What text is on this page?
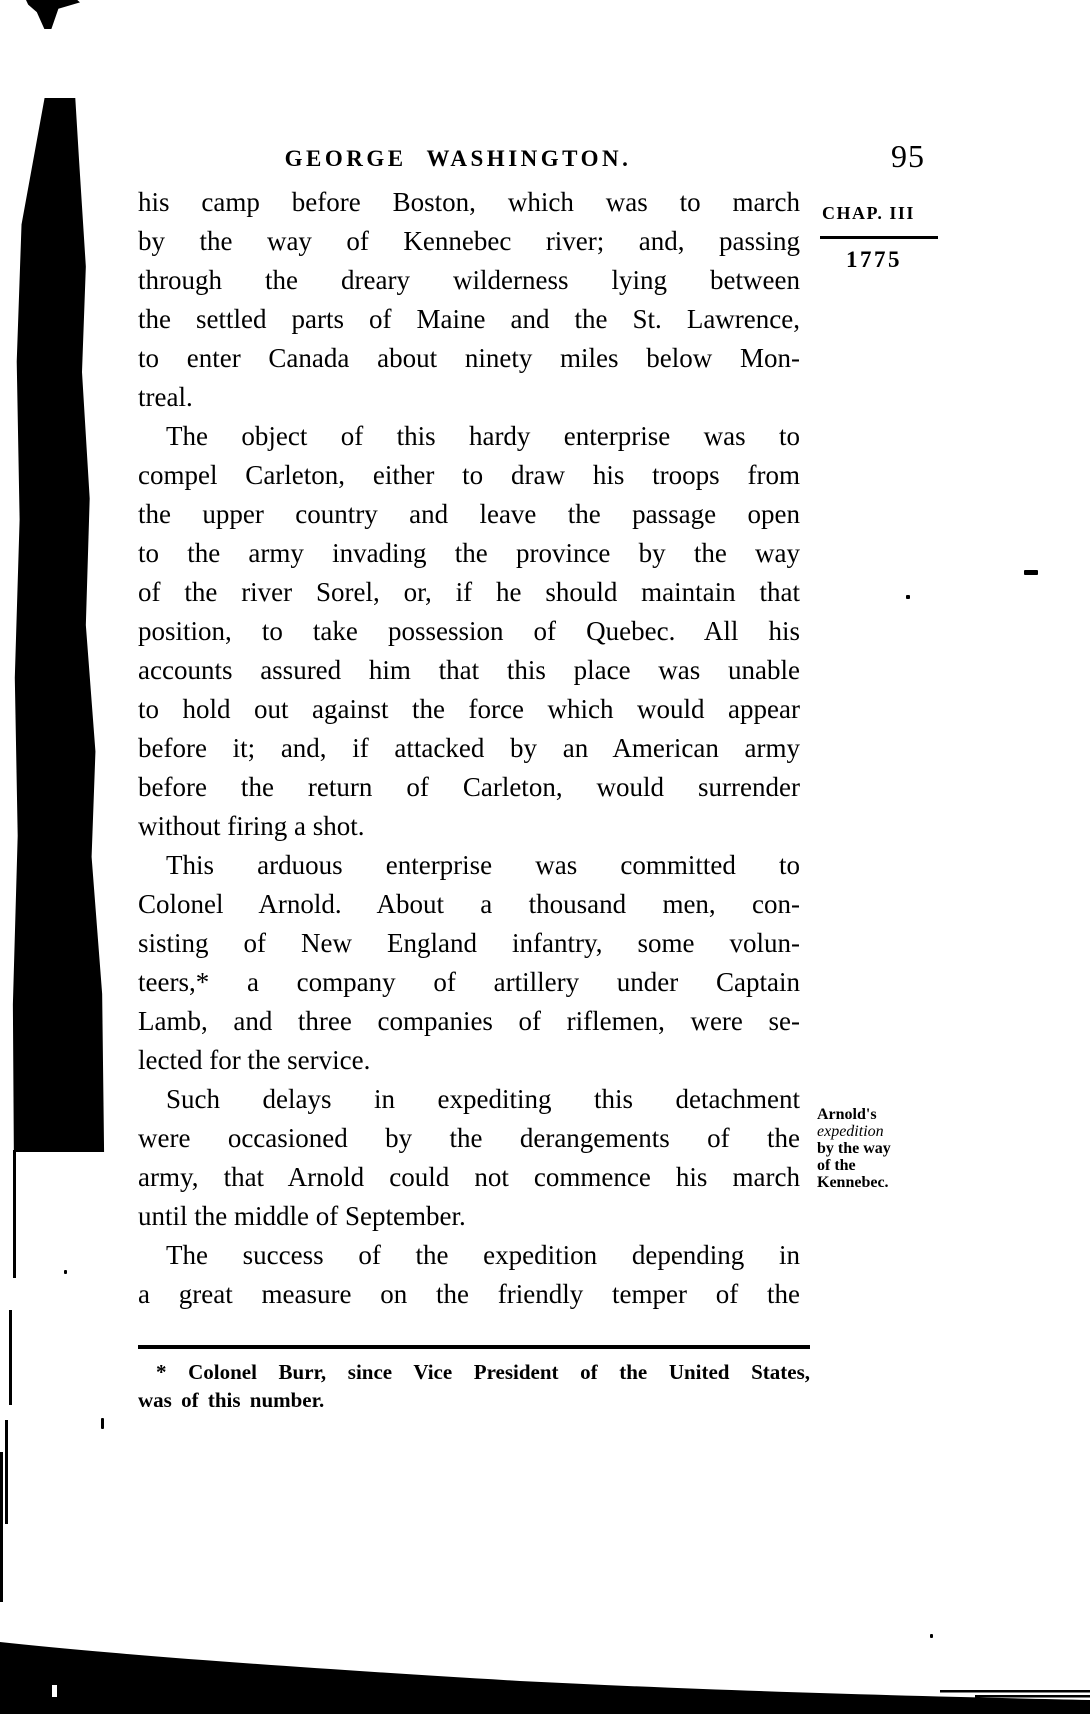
GEORGE WASHINGTON.	95
CHAP. III
1775
Arnold's
expedition
by the way
of the
Kennebec.
his camp before Boston, which was to march
by the way of Kennebec river; and, passing
through the dreary wilderness lying between
the settled parts of Maine and the St. Lawrence,
to enter Canada about ninety miles below Mon-
treal.
The object of this hardy enterprise was to
compel Carleton, either to draw his troops from
the upper country and leave the passage open
to the army invading the province by the way
of the river Sorel, or, if he should maintain that
position, to take possession of Quebec. All his
accounts assured him that this place was unable
to hold out against the force which would appear
before it; and, if attacked by an American army
before the return of Carleton, would surrender
without firing a shot.
This arduous enterprise was committed to
Colonel Arnold. About a thousand men, con-
sisting of New England infantry, some volun-
teers,* a company of artillery under Captain
Lamb, and three companies of riflemen, were se-
lected for the service.
Such delays in expediting this detachment
were occasioned by the derangements of the
army, that Arnold could not commence his march
until the middle of September.
The success of the expedition depending in
a great measure on the friendly temper of the
* Colonel Burr, since Vice President of the United States,
was of this number.
